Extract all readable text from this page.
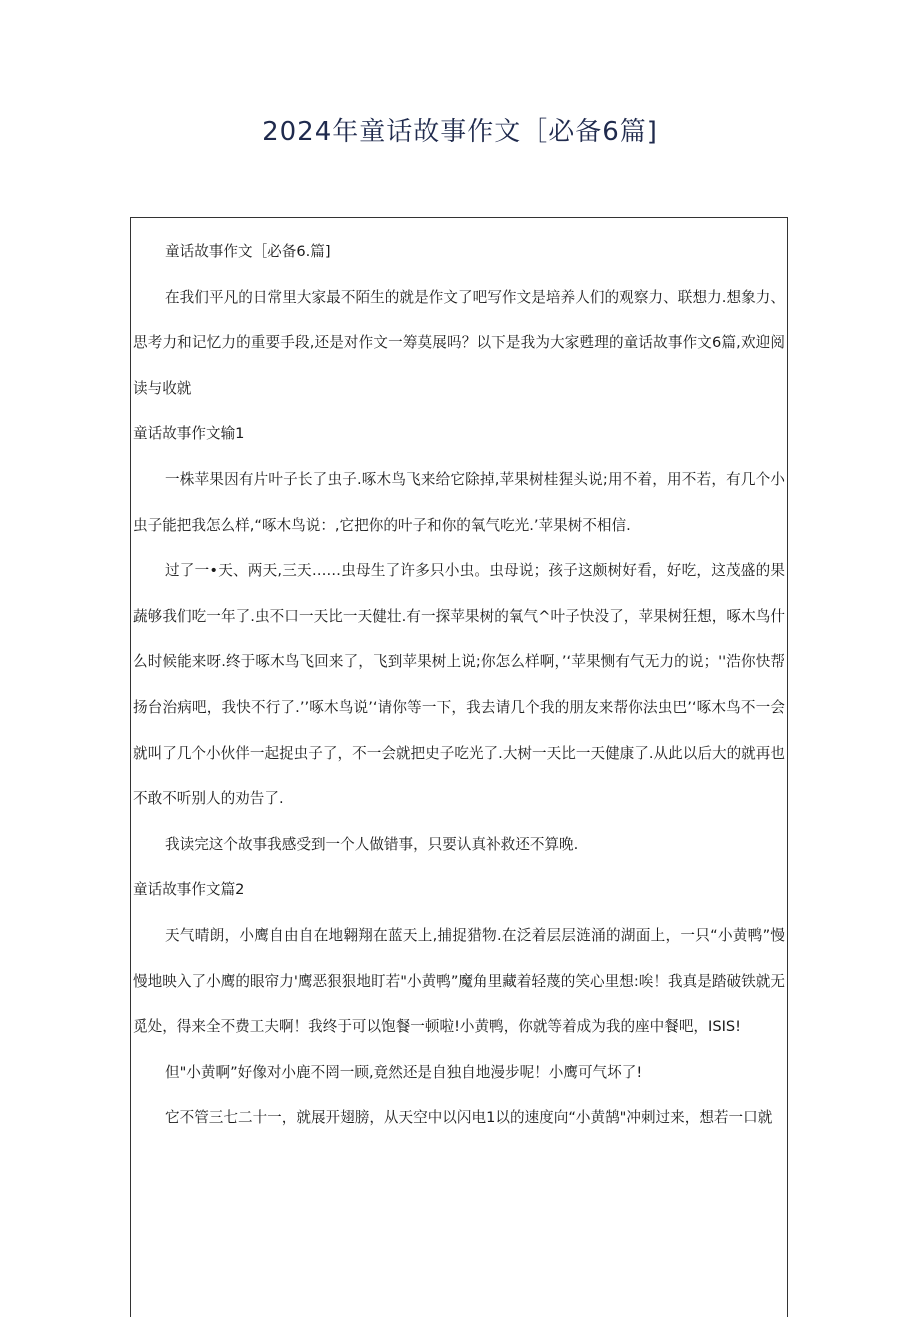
2024年童话故事作文［必备6篇]

童话故事作文［必备6.篇]

在我们平凡的日常里大家最不陌生的就是作文了吧写作文是培养人们的观察力、联想力.想象力、思考力和记忆力的重要手段,还是对作文一筹莫展吗？以下是我为大家甦理的童话故事作文6篇,欢迎阅读与收就

童话故事作文输1

一株苹果因有片叶子长了虫子.啄木鸟飞来给它除掉,苹果树桂猩头说;用不着，用不若，有几个小虫子能把我怎么样,“啄木鸟说：,它把你的叶子和你的氧气吃光.’苹果树不相信.

过了一•天、两天,三天……虫母生了许多只小虫。虫母说；孩子这颇树好看，好吃，这茂盛的果蔬够我们吃一年了.虫不口一天比一天健壮.有一探苹果树的氧气^叶子快没了，苹果树狂想，啄木鸟什么时候能来呀.终于啄木鸟飞回来了，飞到苹果树上说;你怎么样啊，’‘苹果恻有气无力的说；''浩你快帮扬台治病吧，我快不行了.’’啄木鸟说’‘请你等一下，我去请几个我的朋友来帮你法虫巴’‘啄木鸟不一会就叫了几个小伙伴一起捉虫子了，不一会就把史子吃光了.大树一天比一天健康了.从此以后大的就再也不敢不听别人的劝告了.

我读完这个故事我感受到一个人做错事，只要认真补救还不算晚.

童话故事作文篇2

天气晴朗，小鹰自由自在地翱翔在蓝天上,捕捉猎物.在泛着层层涟涌的湖面上，一只“小黄鸭”慢慢地映入了小鹰的眼帘力'鹰恶狠狠地盯若"小黄鸭”魔角里藏着轻蔑的笑心里想:唉！我真是踏破铁就无觅处，得来全不费工夫啊！我终于可以饱餐一顿啦!小黄鸭，你就等着成为我的座中餐吧，ISIS!

但"小黄啊”好像对小鹿不罔一顾,竟然还是自独自地漫步呢！小鹰可气坏了!

它不管三七二十一，就展开翅膀，从天空中以闪电1以的速度向“小黄鹄"冲刺过来，想若一口就
